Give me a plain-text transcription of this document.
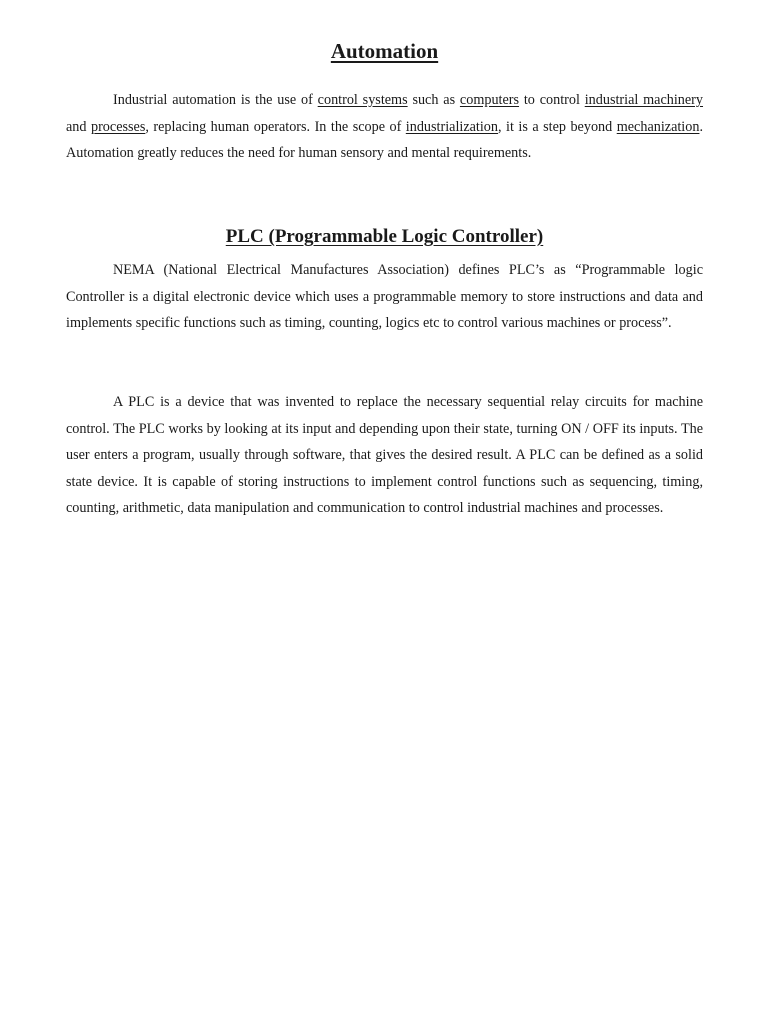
Automation

Industrial automation is the use of control systems such as computers to control industrial machinery and processes, replacing human operators. In the scope of industrialization, it is a step beyond mechanization. Automation greatly reduces the need for human sensory and mental requirements.

PLC (Programmable Logic Controller)

NEMA (National Electrical Manufactures Association) defines PLC’s as “Programmable logic Controller is a digital electronic device which uses a programmable memory to store instructions and data and implements specific functions such as timing, counting, logics etc to control various machines or process”.

A PLC is a device that was invented to replace the necessary sequential relay circuits for machine control. The PLC works by looking at its input and depending upon their state, turning ON / OFF its inputs. The user enters a program, usually through software, that gives the desired result. A PLC can be defined as a solid state device. It is capable of storing instructions to implement control functions such as sequencing, timing, counting, arithmetic, data manipulation and communication to control industrial machines and processes.
